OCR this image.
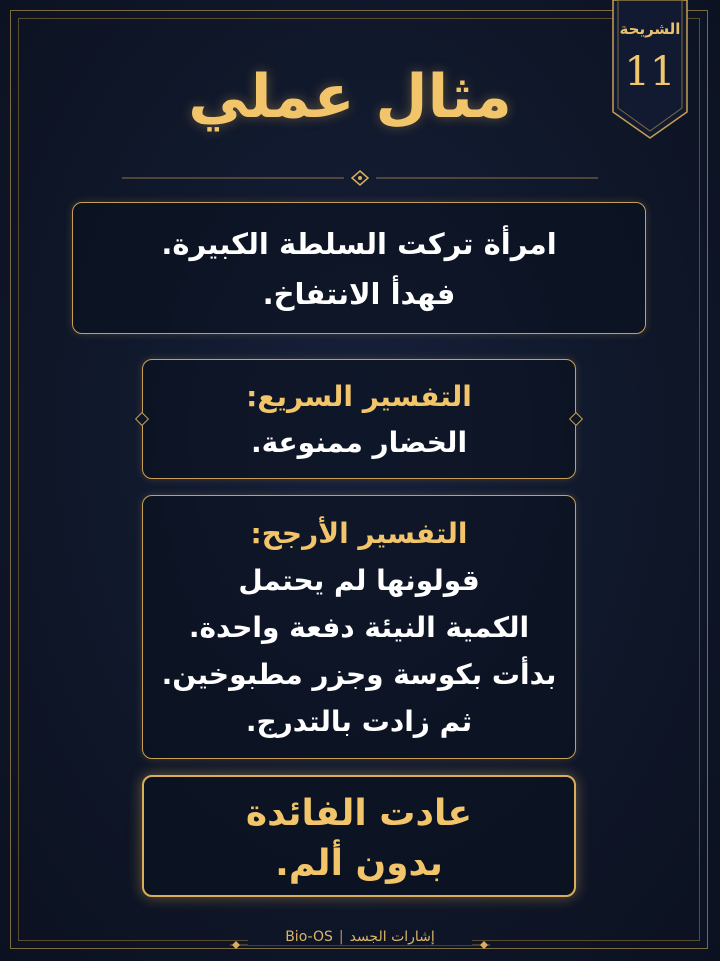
الشريحة
11
مثال عملي
امرأة تركت السلطة الكبيرة.
فهدأ الانتفاخ.
التفسير السريع:
الخضار ممنوعة.
التفسير الأرجح:
قولونها لم يحتمل
الكمية النيئة دفعة واحدة.
بدأت بكوسة وجزر مطبوخين.
ثم زادت بالتدرج.
عادت الفائدة
بدون ألم.
Bio-OS | إشارات الجسد
